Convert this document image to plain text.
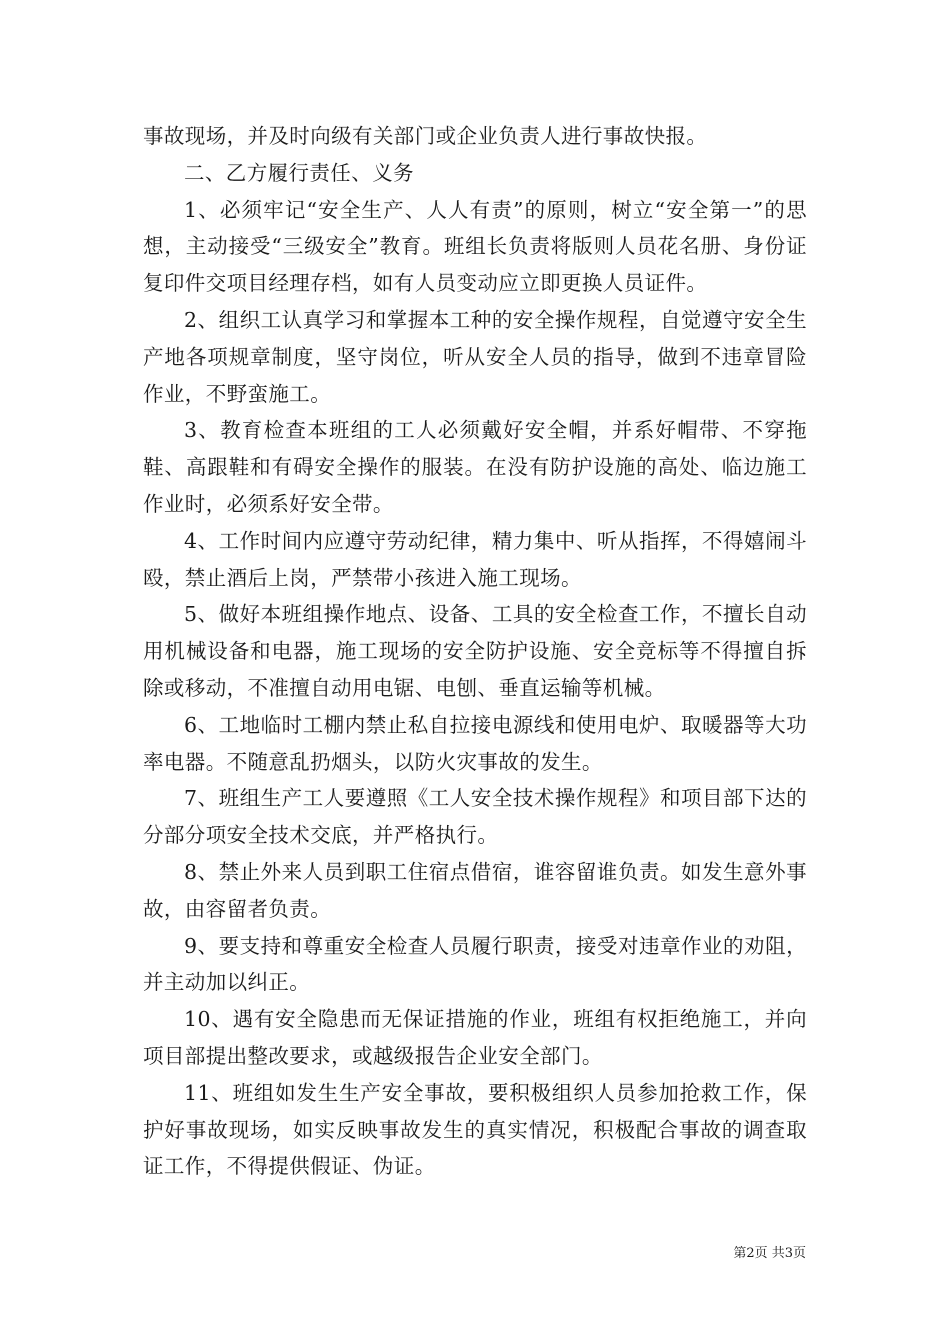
事故现场，并及时向级有关部门或企业负责人进行事故快报。

二、乙方履行责任、义务

1、必须牢记“安全生产、人人有责”的原则，树立“安全第一”的思想，主动接受“三级安全”教育。班组长负责将版则人员花名册、身份证复印件交项目经理存档，如有人员变动应立即更换人员证件。

2、组织工认真学习和掌握本工种的安全操作规程，自觉遵守安全生产地各项规章制度，坚守岗位，听从安全人员的指导，做到不违章冒险作业，不野蛮施工。

3、教育检查本班组的工人必须戴好安全帽，并系好帽带、不穿拖鞋、高跟鞋和有碍安全操作的服装。在没有防护设施的高处、临边施工作业时，必须系好安全带。

4、工作时间内应遵守劳动纪律，精力集中、听从指挥，不得嬉闹斗殴，禁止酒后上岗，严禁带小孩进入施工现场。

5、做好本班组操作地点、设备、工具的安全检查工作，不擅长自动用机械设备和电器，施工现场的安全防护设施、安全竞标等不得擅自拆除或移动，不准擅自动用电锯、电刨、垂直运输等机械。

6、工地临时工棚内禁止私自拉接电源线和使用电炉、取暖器等大功率电器。不随意乱扔烟头，以防火灾事故的发生。

7、班组生产工人要遵照《工人安全技术操作规程》和项目部下达的分部分项安全技术交底，并严格执行。

8、禁止外来人员到职工住宿点借宿，谁容留谁负责。如发生意外事故，由容留者负责。

9、要支持和尊重安全检查人员履行职责，接受对违章作业的劝阻，并主动加以纠正。

10、遇有安全隐患而无保证措施的作业，班组有权拒绝施工，并向项目部提出整改要求，或越级报告企业安全部门。

11、班组如发生生产安全事故，要积极组织人员参加抢救工作，保护好事故现场，如实反映事故发生的真实情况，积极配合事故的调查取证工作，不得提供假证、伪证。

第2页 共3页
